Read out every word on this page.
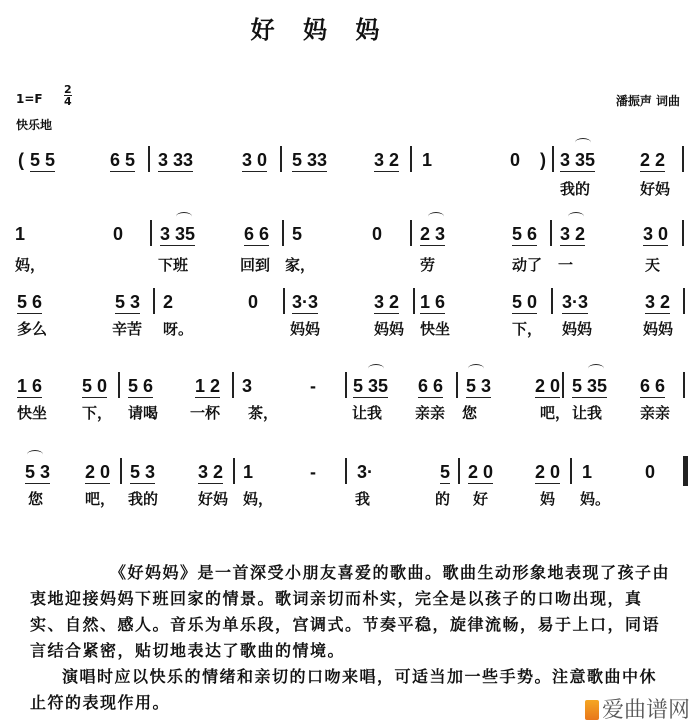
好 妈 妈
1=F
2
4
快乐地
潘振声 词曲
( 5 5	6 5 3 33	3 0 5 33	3 2 1	0 ) 3 35 2 2
我的	好妈
1	0 3 35	6 6 5	0 2 3	5 6 3 2	3 0
妈，	下班	回到 家，	劳	动了 一	天
5 6	5 3 2	0 3·3	3 2 1 6	5 0 3·3	3 2
多么	辛苦 呀。	妈妈	妈妈 快坐	下， 妈妈	妈妈
1 6 5 0 5 6 1 2 3	- 5 35 6 6 5 3 2 0 5 35 6 6
快坐 下， 请喝 一杯 茶，	让我 亲亲 您	吧， 让我	亲亲
5 3 2 0 5 3 3 2 1	- 3·	5 2 0 2 0 1	0
您	吧， 我的	好妈 妈，	我	的 好	妈 妈。

《好妈妈》是一首深受小朋友喜爱的歌曲。歌曲生动形象地表现了孩子由衷地迎接妈妈下班回家的情景。歌词亲切而朴实，完全是以孩子的口吻出现，真实、自然、感人。音乐为单乐段，宫调式。节奏平稳，旋律流畅，易于上口，同语言结合紧密，贴切地表达了歌曲的情境。

演唱时应以快乐的情绪和亲切的口吻来唱，可适当加一些手势。注意歌曲中休止符的表现作用。	爱曲谱网
